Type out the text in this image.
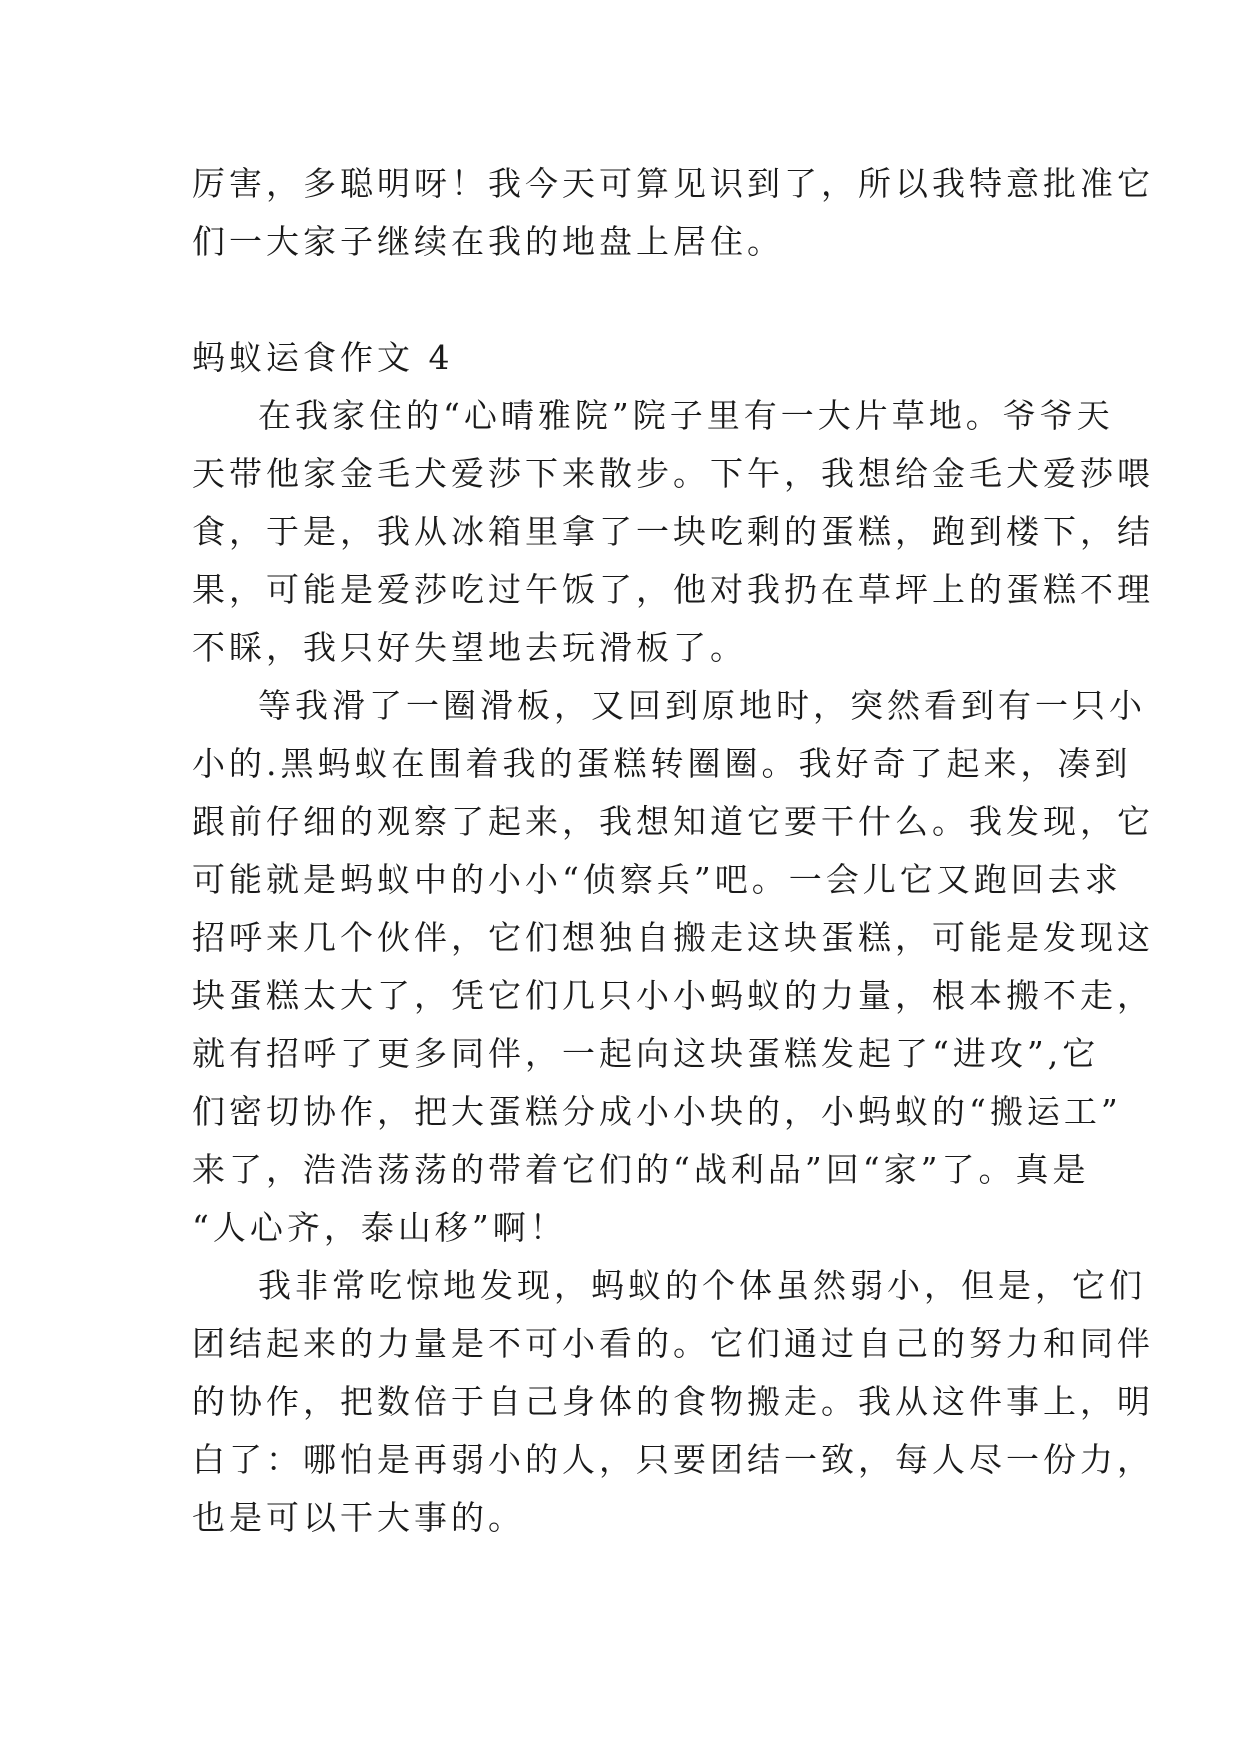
厉害，多聪明呀！我今天可算见识到了，所以我特意批准它
们一大家子继续在我的地盘上居住。
蚂蚁运食作文 4
在我家住的“心晴雅院”院子里有一大片草地。爷爷天
天带他家金毛犬爱莎下来散步。下午，我想给金毛犬爱莎喂
食，于是，我从冰箱里拿了一块吃剩的蛋糕，跑到楼下，结
果，可能是爱莎吃过午饭了，他对我扔在草坪上的蛋糕不理
不睬，我只好失望地去玩滑板了。
等我滑了一圈滑板，又回到原地时，突然看到有一只小
小的.黑蚂蚁在围着我的蛋糕转圈圈。我好奇了起来，凑到
跟前仔细的观察了起来，我想知道它要干什么。我发现，它
可能就是蚂蚁中的小小“侦察兵”吧。一会儿它又跑回去求
招呼来几个伙伴，它们想独自搬走这块蛋糕，可能是发现这
块蛋糕太大了，凭它们几只小小蚂蚁的力量，根本搬不走，
就有招呼了更多同伴，一起向这块蛋糕发起了“进攻”,它
们密切协作，把大蛋糕分成小小块的，小蚂蚁的“搬运工”
来了，浩浩荡荡的带着它们的“战利品”回“家”了。真是
“人心齐，泰山移”啊！
我非常吃惊地发现，蚂蚁的个体虽然弱小，但是，它们
团结起来的力量是不可小看的。它们通过自己的努力和同伴
的协作，把数倍于自己身体的食物搬走。我从这件事上，明
白了：哪怕是再弱小的人，只要团结一致，每人尽一份力，
也是可以干大事的。
